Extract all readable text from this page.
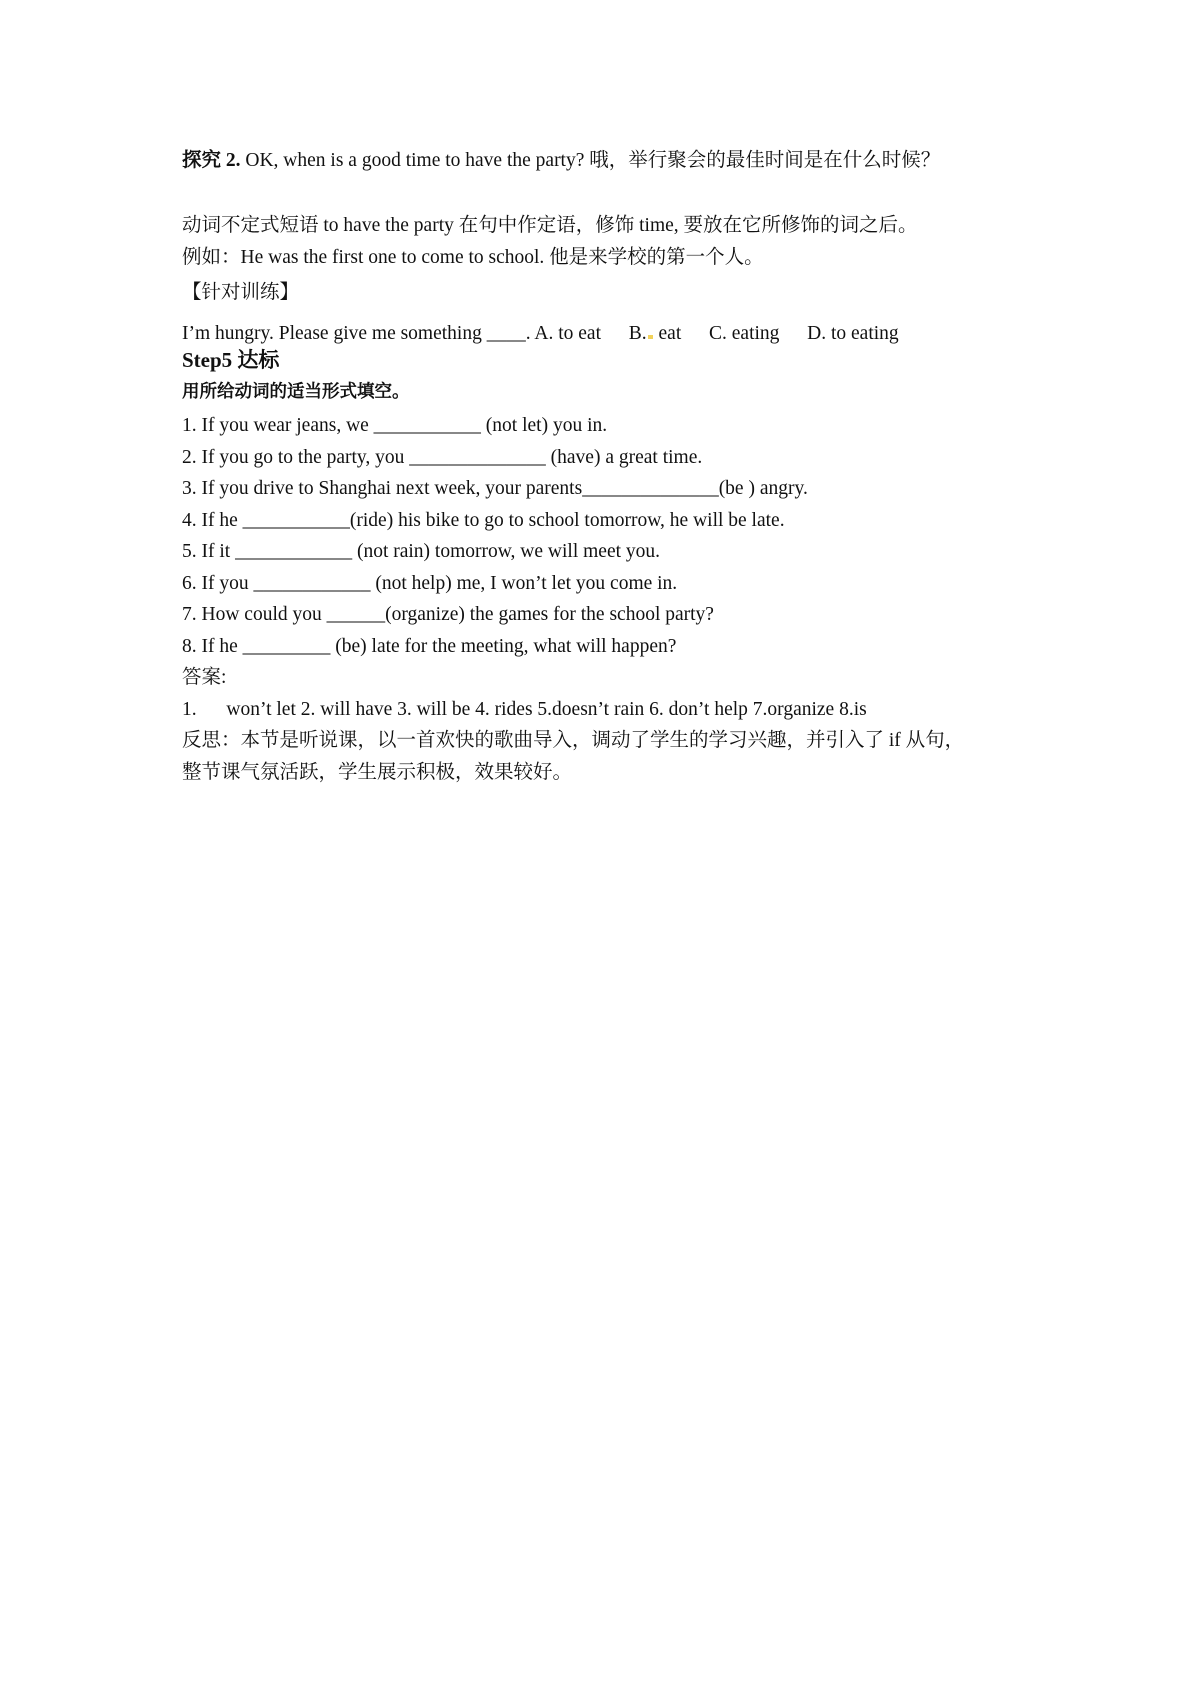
探究 2. OK, when is a good time to have the party? 哦，举行聚会的最佳时间是在什么时候？
动词不定式短语 to have the party 在句中作定语，修饰 time, 要放在它所修饰的词之后。
例如：He was the first one to come to school. 他是来学校的第一个人。
【针对训练】
I’m hungry. Please give me something ____. A. to eat B. eat C. eating D. to eating
Step5 达标
用所给动词的适当形式填空。
1. If you wear jeans, we ___________ (not let) you in.
2. If you go to the party, you ______________ (have) a great time.
3. If you drive to Shanghai next week, your parents______________(be ) angry.
4. If he ___________(ride) his bike to go to school tomorrow, he will be late.
5. If it ____________ (not rain) tomorrow, we will meet you.
6. If you ____________ (not help) me, I won’t let you come in.
7. How could you ______(organize) the games for the school party?
8. If he _________ (be) late for the meeting, what will happen?
答案:
1. won’t let 2. will have 3. will be 4. rides 5.doesn’t rain 6. don’t help 7.organize 8.is
反思：本节是听说课，以一首欢快的歌曲导入，调动了学生的学习兴趣，并引入了 if 从句，
整节课气氛活跃，学生展示积极，效果较好。
